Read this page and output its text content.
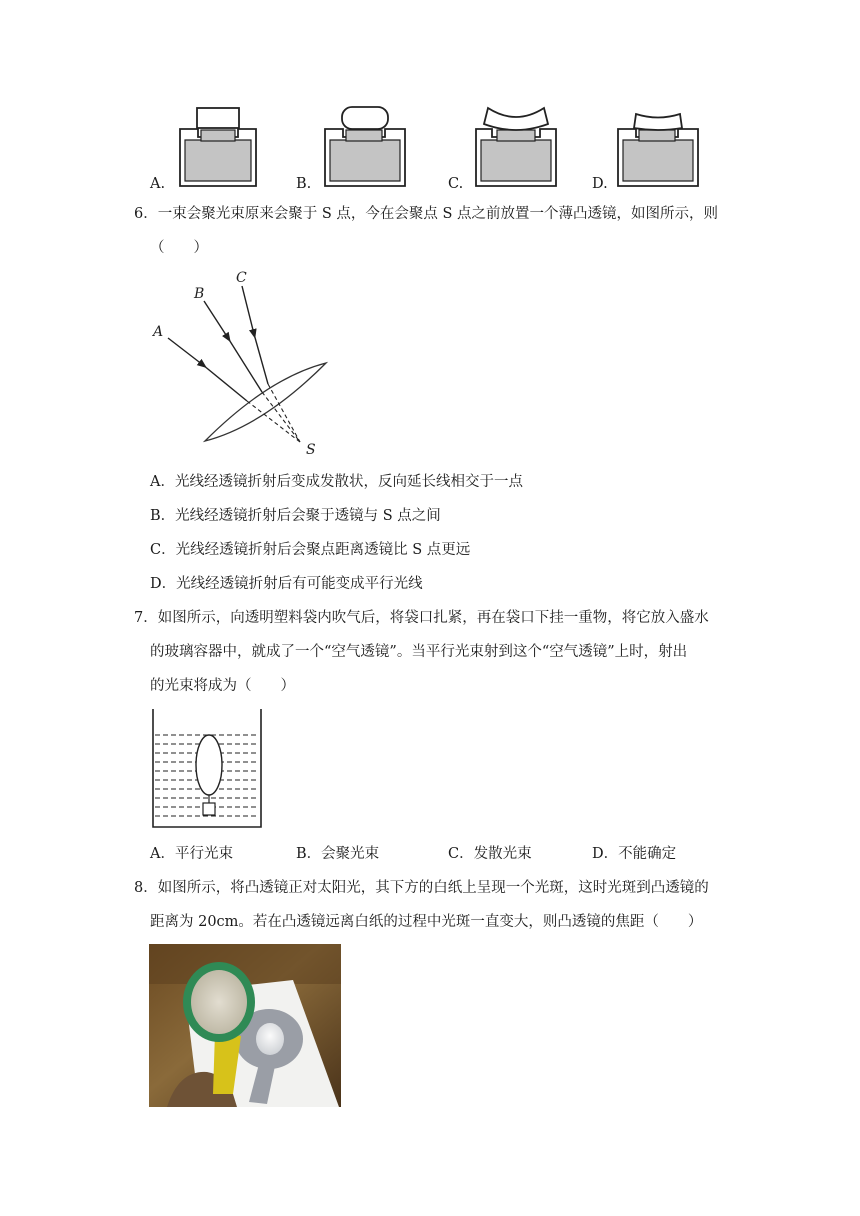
A.	B.	C.	D.
6．一束会聚光束原来会聚于 S 点，今在会聚点 S 点之前放置一个薄凸透镜，如图所示，则
（　　）
A
B
C
S
A．光线经透镜折射后变成发散状，反向延长线相交于一点
B．光线经透镜折射后会聚于透镜与 S 点之间
C．光线经透镜折射后会聚点距离透镜比 S 点更远
D．光线经透镜折射后有可能变成平行光线
7．如图所示，向透明塑料袋内吹气后，将袋口扎紧，再在袋口下挂一重物，将它放入盛水
的玻璃容器中，就成了一个“空气透镜”。当平行光束射到这个“空气透镜”上时，射出
的光束将成为（　　）
A．平行光束	B．会聚光束	C．发散光束	D．不能确定
8．如图所示，将凸透镜正对太阳光，其下方的白纸上呈现一个光斑，这时光斑到凸透镜的
距离为 20cm。若在凸透镜远离白纸的过程中光斑一直变大，则凸透镜的焦距（　　）
